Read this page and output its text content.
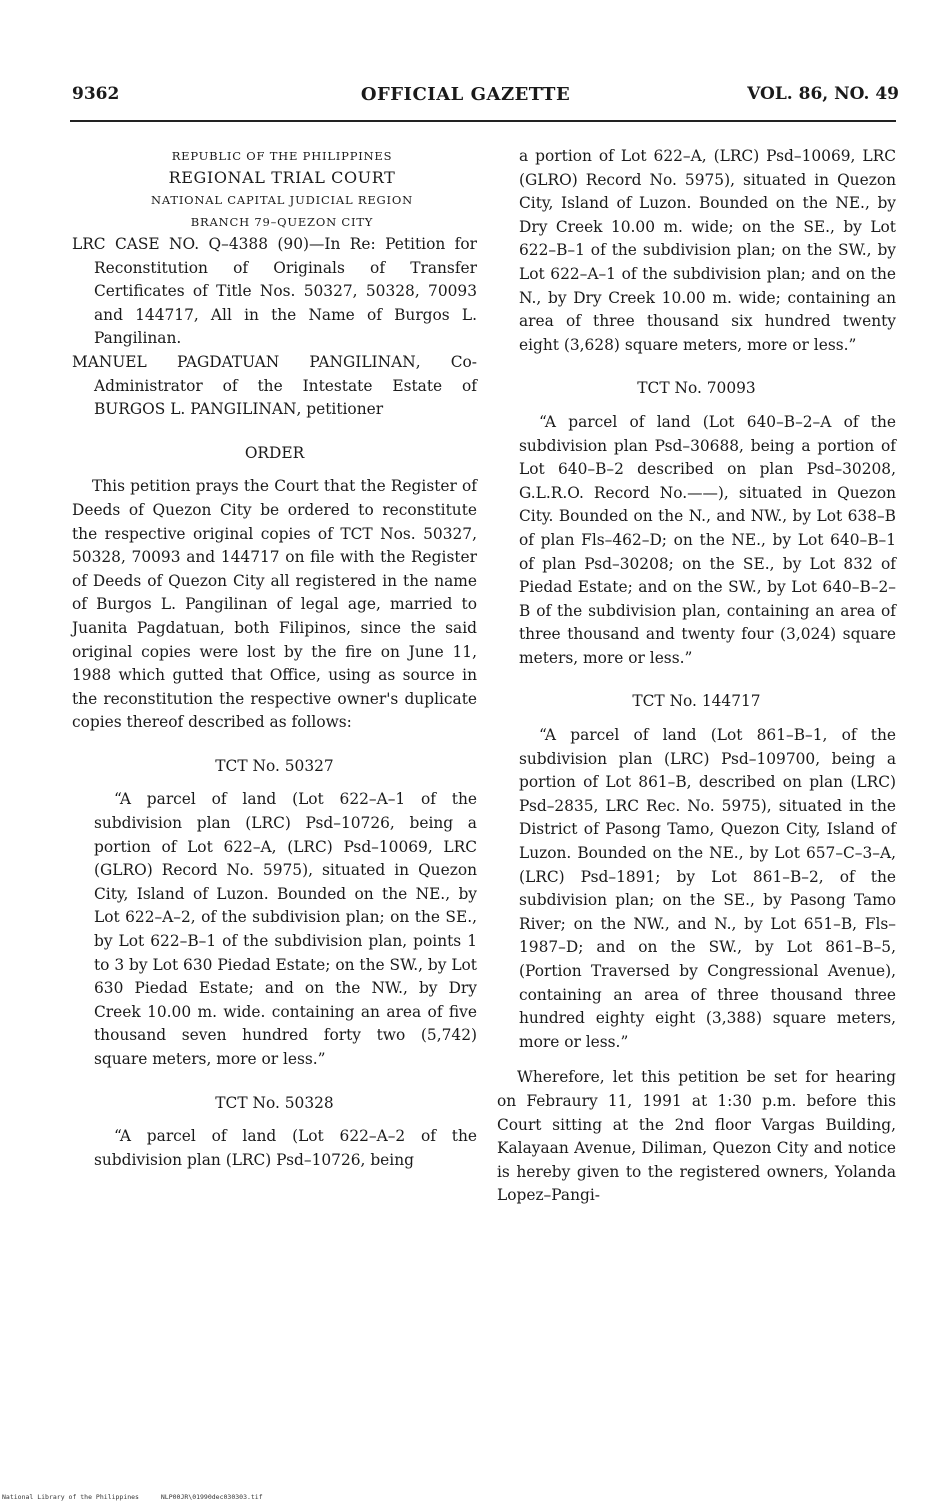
9362	OFFICIAL GAZETTE	VOL. 86, NO. 49
REPUBLIC OF THE PHILIPPINES
REGIONAL TRIAL COURT
NATIONAL CAPITAL JUDICIAL REGION
BRANCH 79–QUEZON CITY

LRC CASE NO. Q–4388 (90)—In Re: Petition for Reconstitution of Originals of Transfer Certificates of Title Nos. 50327, 50328, 70093 and 144717, All in the Name of Burgos L. Pangilinan.

MANUEL PAGDATUAN PANGILINAN, Co-Administrator of the Intestate Estate of BURGOS L. PANGILINAN, petitioner

ORDER

This petition prays the Court that the Register of Deeds of Quezon City be ordered to reconstitute the respective original copies of TCT Nos. 50327, 50328, 70093 and 144717 on file with the Register of Deeds of Quezon City all registered in the name of Burgos L. Pangilinan of legal age, married to Juanita Pagdatuan, both Filipinos, since the said original copies were lost by the fire on June 11, 1988 which gutted that Office, using as source in the reconstitution the respective owner's duplicate copies thereof described as follows:

TCT No. 50327

“A parcel of land (Lot 622–A–1 of the subdivision plan (LRC) Psd–10726, being a portion of Lot 622–A, (LRC) Psd–10069, LRC (GLRO) Record No. 5975), situated in Quezon City, Island of Luzon. Bounded on the NE., by Lot 622–A–2, of the subdivision plan; on the SE., by Lot 622–B–1 of the subdivision plan, points 1 to 3 by Lot 630 Piedad Estate; on the SW., by Lot 630 Piedad Estate; and on the NW., by Dry Creek 10.00 m. wide. containing an area of five thousand seven hundred forty two (5,742) square meters, more or less.”

TCT No. 50328

“A parcel of land (Lot 622–A–2 of the subdivision plan (LRC) Psd–10726, being

a portion of Lot 622–A, (LRC) Psd–10069, LRC (GLRO) Record No. 5975), situated in Quezon City, Island of Luzon. Bounded on the NE., by Dry Creek 10.00 m. wide; on the SE., by Lot 622–B–1 of the subdivision plan; on the SW., by Lot 622–A–1 of the subdivision plan; and on the N., by Dry Creek 10.00 m. wide; containing an area of three thousand six hundred twenty eight (3,628) square meters, more or less.”

TCT No. 70093

“A parcel of land (Lot 640–B–2–A of the subdivision plan Psd–30688, being a portion of Lot 640–B–2 described on plan Psd–30208, G.L.R.O. Record No.——), situated in Quezon City. Bounded on the N., and NW., by Lot 638–B of plan Fls–462–D; on the NE., by Lot 640–B–1 of plan Psd–30208; on the SE., by Lot 832 of Piedad Estate; and on the SW., by Lot 640–B–2–B of the subdivision plan, containing an area of three thousand and twenty four (3,024) square meters, more or less.”

TCT No. 144717

“A parcel of land (Lot 861–B–1, of the subdivision plan (LRC) Psd–109700, being a portion of Lot 861–B, described on plan (LRC) Psd–2835, LRC Rec. No. 5975), situated in the District of Pasong Tamo, Quezon City, Island of Luzon. Bounded on the NE., by Lot 657–C–3–A, (LRC) Psd–1891; by Lot 861–B–2, of the subdivision plan; on the SE., by Pasong Tamo River; on the NW., and N., by Lot 651–B, Fls–1987–D; and on the SW., by Lot 861–B–5, (Portion Traversed by Congressional Avenue), containing an area of three thousand three hundred eighty eight (3,388) square meters, more or less.”

Wherefore, let this petition be set for hearing on Febraury 11, 1991 at 1:30 p.m. before this Court sitting at the 2nd floor Vargas Building, Kalayaan Avenue, Diliman, Quezon City and notice is hereby given to the registered owners, Yolanda Lopez–Pangi-

National Library of the Philippines	NLP00JR\01990dec030303.tif
